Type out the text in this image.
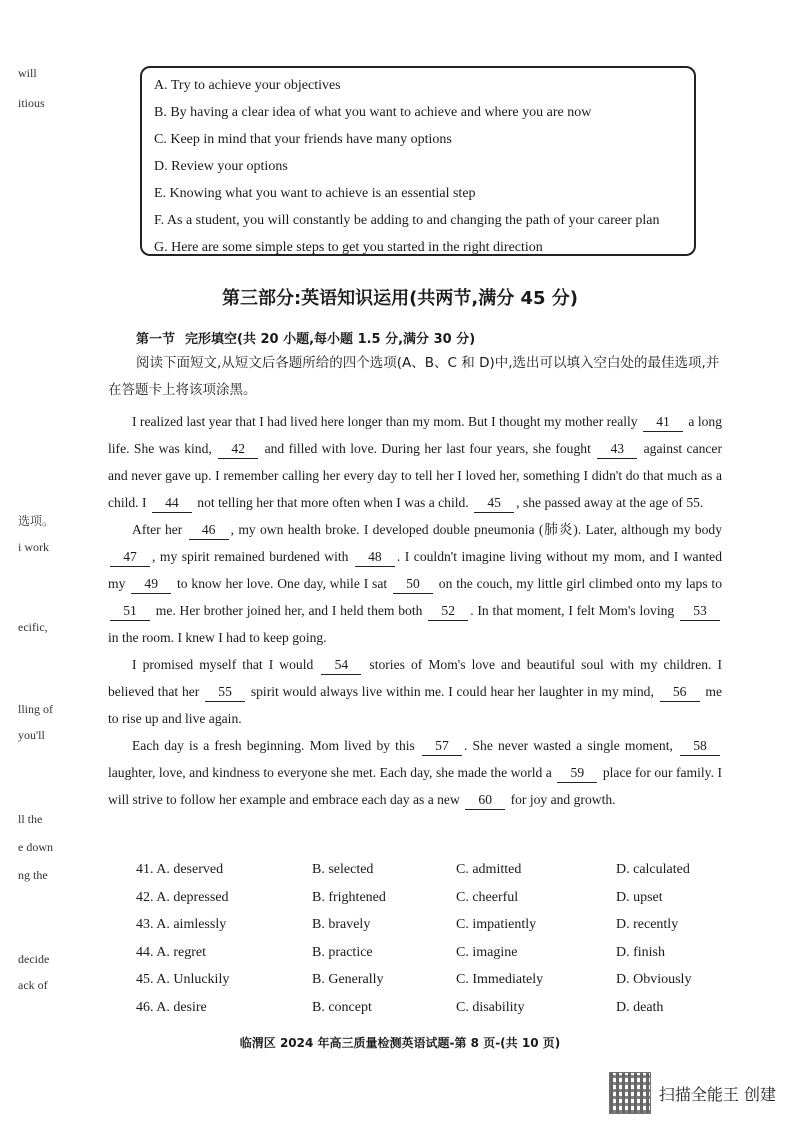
will
itious
选项。
i work
ecific,
lling of
you'll
ll the
e down
ng the
decide
ack of
A. Try to achieve your objectives
B. By having a clear idea of what you want to achieve and where you are now
C. Keep in mind that your friends have many options
D. Review your options
E. Knowing what you want to achieve is an essential step
F. As a student, you will constantly be adding to and changing the path of your career plan
G. Here are some simple steps to get you started in the right direction
第三部分:英语知识运用(共两节,满分 45 分)
第一节 完形填空(共 20 小题,每小题 1.5 分,满分 30 分)
阅读下面短文,从短文后各题所给的四个选项(A、B、C 和 D)中,选出可以填入空白处的最佳选项,并在答题卡上将该项涂黑。

I realized last year that I had lived here longer than my mom. But I thought my mother really 41 a long life. She was kind, 42 and filled with love. During her last four years, she fought 43 against cancer and never gave up. I remember calling her every day to tell her I loved her, something I didn't do that much as a child. I 44 not telling her that more often when I was a child. 45 , she passed away at the age of 55.

After her 46 , my own health broke. I developed double pneumonia (肺炎). Later, although my body 47 , my spirit remained burdened with 48 . I couldn't imagine living without my mom, and I wanted my 49 to know her love. One day, while I sat 50 on the couch, my little girl climbed onto my laps to 51 me. Her brother joined her, and I held them both 52 . In that moment, I felt Mom's loving 53 in the room. I knew I had to keep going.

I promised myself that I would 54 stories of Mom's love and beautiful soul with my children. I believed that her 55 spirit would always live within me. I could hear her laughter in my mind, 56 me to rise up and live again.

Each day is a fresh beginning. Mom lived by this 57 . She never wasted a single moment, 58 laughter, love, and kindness to everyone she met. Each day, she made the world a 59 place for our family. I will strive to follow her example and embrace each day as a new 60 for joy and growth.

41. A. deserved	B. selected	C. admitted	D. calculated
42. A. depressed	B. frightened	C. cheerful	D. upset
43. A. aimlessly	B. bravely	C. impatiently	D. recently
44. A. regret	B. practice	C. imagine	D. finish
45. A. Unluckily	B. Generally	C. Immediately	D. Obviously
46. A. desire	B. concept	C. disability	D. death
临渭区 2024 年高三质量检测英语试题-第 8 页-(共 10 页)
扫描全能王 创建
